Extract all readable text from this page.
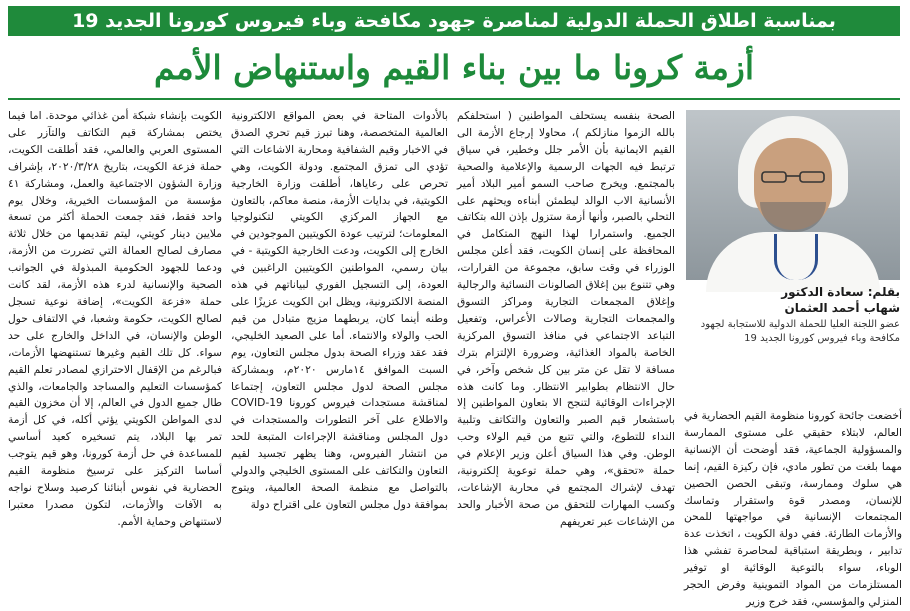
بمناسبة اطلاق الحملة الدولية لمناصرة جهود مكافحة وباء فيروس كورونا الجديد 19
أزمة كرونا ما بين بناء القيم واستنهاض الأمم
بقلم: سعادة الدكتور
شهاب أحمد العثمان
عضو اللجنة العليا للحملة الدولية للاستجابة لجهود مكافحة وباء فيروس كورونا الجديد 19

أخضعت جائحة كورونا منظومة القيم الحضارية في العالم، لابتلاء حقيقي على مستوى الممارسة والمسؤولية الجماعية، فقد أوضحت أن الإنسانية مهما بلغت من تطور مادي، فإن ركيزة القيم، إنما هي سلوك وممارسة، وتبقى الحصن الحصين للإنسان، ومصدر قوة واستقرار وتماسك المجتمعات الإنسانية في مواجهتها للمحن والأزمات الطارئة. ففي دولة الكويت ، اتخذت عدة تدابير ، وبطريقة استباقية لمحاصرة تفشي هذا الوباء، سواء بالتوعية الوقائية او توفير المستلزمات من المواد التموينية وفرض الحجر المنزلي والمؤسسي، فقد خرج وزير

الصحة بنفسه يستحلف المواطنين ( استحلفكم بالله الزموا منازلكم )، محاولا إرجاع الأزمة الى القيم الايمانية بأن الأمر جلل وخطير، في سياق ترتبط فيه الجهات الرسمية والإعلامية والصحية بالمجتمع. ويخرج صاحب السمو أمير البلاد أمير الأنسانية الاب الوالد ليطمئن أبناءه ويحثهم على التحلي بالصبر، وأنها أزمة ستزول بإذن الله بتكاتف الجميع. واستمرارا لهذا النهج المتكامل في المحافظة على إنسان الكويت، فقد أعلن مجلس الوزراء في وقت سابق، مجموعة من القرارات، وهي تتنوع بين إغلاق الصالونات النسائية والرجالية وإغلاق المجمعات التجارية ومراكز التسوق والمجمعات التجارية وصالات الأعراس، وتفعيل التباعد الاجتماعي في منافذ التسوق المركزية الخاصة بالمواد الغذائية، وضرورة الإلتزام بترك مسافة لا تقل عن متر بين كل شخص وآخر، في حال الانتظام بطوابير الانتظار. وما كانت هذه الإجراءات الوقائية لتنجح الا بتعاون المواطنين إلا باستشعار قيم الصبر والتعاون والتكاتف وتلبية النداء للتطوع، والتي تتبع من قيم الولاء وحب الوطن. وفي هذا السياق أعلن وزير الإعلام في حملة «تحقق»، وهي حملة توعوية إلكترونية، تهدف لإشراك المجتمع في محاربة الإشاعات، وكسب المهارات للتحقق من صحة الأخبار والحد من الإشاعات عبر تعريفهم

بالأدوات المتاحة في بعض المواقع الالكترونية العالمية المتخصصة، وهنا تبرز قيم تحري الصدق في الاخبار وقيم الشفافية ومحاربة الاشاعات التي تؤدي الى تمزق المجتمع. ودولة الكويت، وهي تحرص على رعاياها، أطلقت وزارة الخارجية الكويتية، في بدايات الأزمة، منصة معاكم، بالتعاون مع الجهاز المركزي الكويتي لتكنولوجيا المعلومات؛ لترتيب عودة الكويتيين الموجودين في الخارج إلى الكويت، ودعت الخارجية الكويتية - في بيان رسمي، المواطنين الكويتيين الراغبين في العودة، إلى التسجيل الفوري لبياناتهم في هذه المنصة الالكترونية، ويظل ابن الكويت عزيزًا على وطنه أينما كان، يربطهما مزيج متبادل من قيم الحب والولاء والانتماء. أما على الصعيد الخليجي، فقد عقد وزراء الصحة بدول مجلس التعاون، يوم السبت الموافق ١٤مارس ٢٠٢٠م، وبمشاركة مجلس الصحة لدول مجلس التعاون، إجتماعا لمناقشة مستجدات فيروس كورونا COVID-19 والاطلاع على آخر التطورات والمستجدات في دول المجلس ومناقشة الإجراءات المتبعة للحد من انتشار الفيروس، وهنا يظهر تجسيد لقيم التعاون والتكاتف على المستوى الخليجي والدولي بالتواصل مع منظمة الصحة العالمية، ويتوج بموافقة دول مجلس التعاون على اقتراح دولة

الكويت بإنشاء شبكة أمن غذائي موحدة. اما فيما يختص بمشاركة قيم التكاتف والتآزر على المستوى العربي والعالمي، فقد أطلقت الكويت، حملة فزعة الكويت، بتاريخ ٢٠٢٠/٣/٢٨، بإشراف وزارة الشؤون الاجتماعية والعمل، ومشاركة ٤١ مؤسسة من المؤسسات الخيرية، وخلال يوم واحد فقط، فقد جمعت الحملة أكثر من تسعة ملايين دينار كويتي، ليتم تقديمها من خلال ثلاثة مصارف لصالح العمالة التي تضررت من الأزمة، ودعما للجهود الحكومية المبذولة في الجوانب الصحية والإنسانية لدرء هذه الأزمة، لقد كانت حملة «فزعة الكويت»، إضافة نوعية تسجل لصالح الكويت، حكومة وشعبا، في الالتفاف حول الوطن والإنسان، في الداخل والخارج على حد سواء. كل تلك القيم وغيرها تستنهضها الأزمات، فبالرغم من الإقفال الاحترازي لمصادر تعلم القيم كمؤسسات التعليم والمساجد والجامعات، والذي طال جميع الدول في العالم، إلا أن مخزون القيم لدى المواطن الكويتي يؤتي أكله، في كل أزمة تمر بها البلاد، يتم تسخيره كعيد أساسي للمساعدة في حل أزمة كورونا، وهو قيم يتوجب أساسا التركيز على ترسيخ منظومة القيم الحضارية في نفوس أبنائنا كرصيد وسلاح نواجه به الآفات والأزمات، لتكون مصدرا معتبرا لاستنهاض وحماية الأمم.
